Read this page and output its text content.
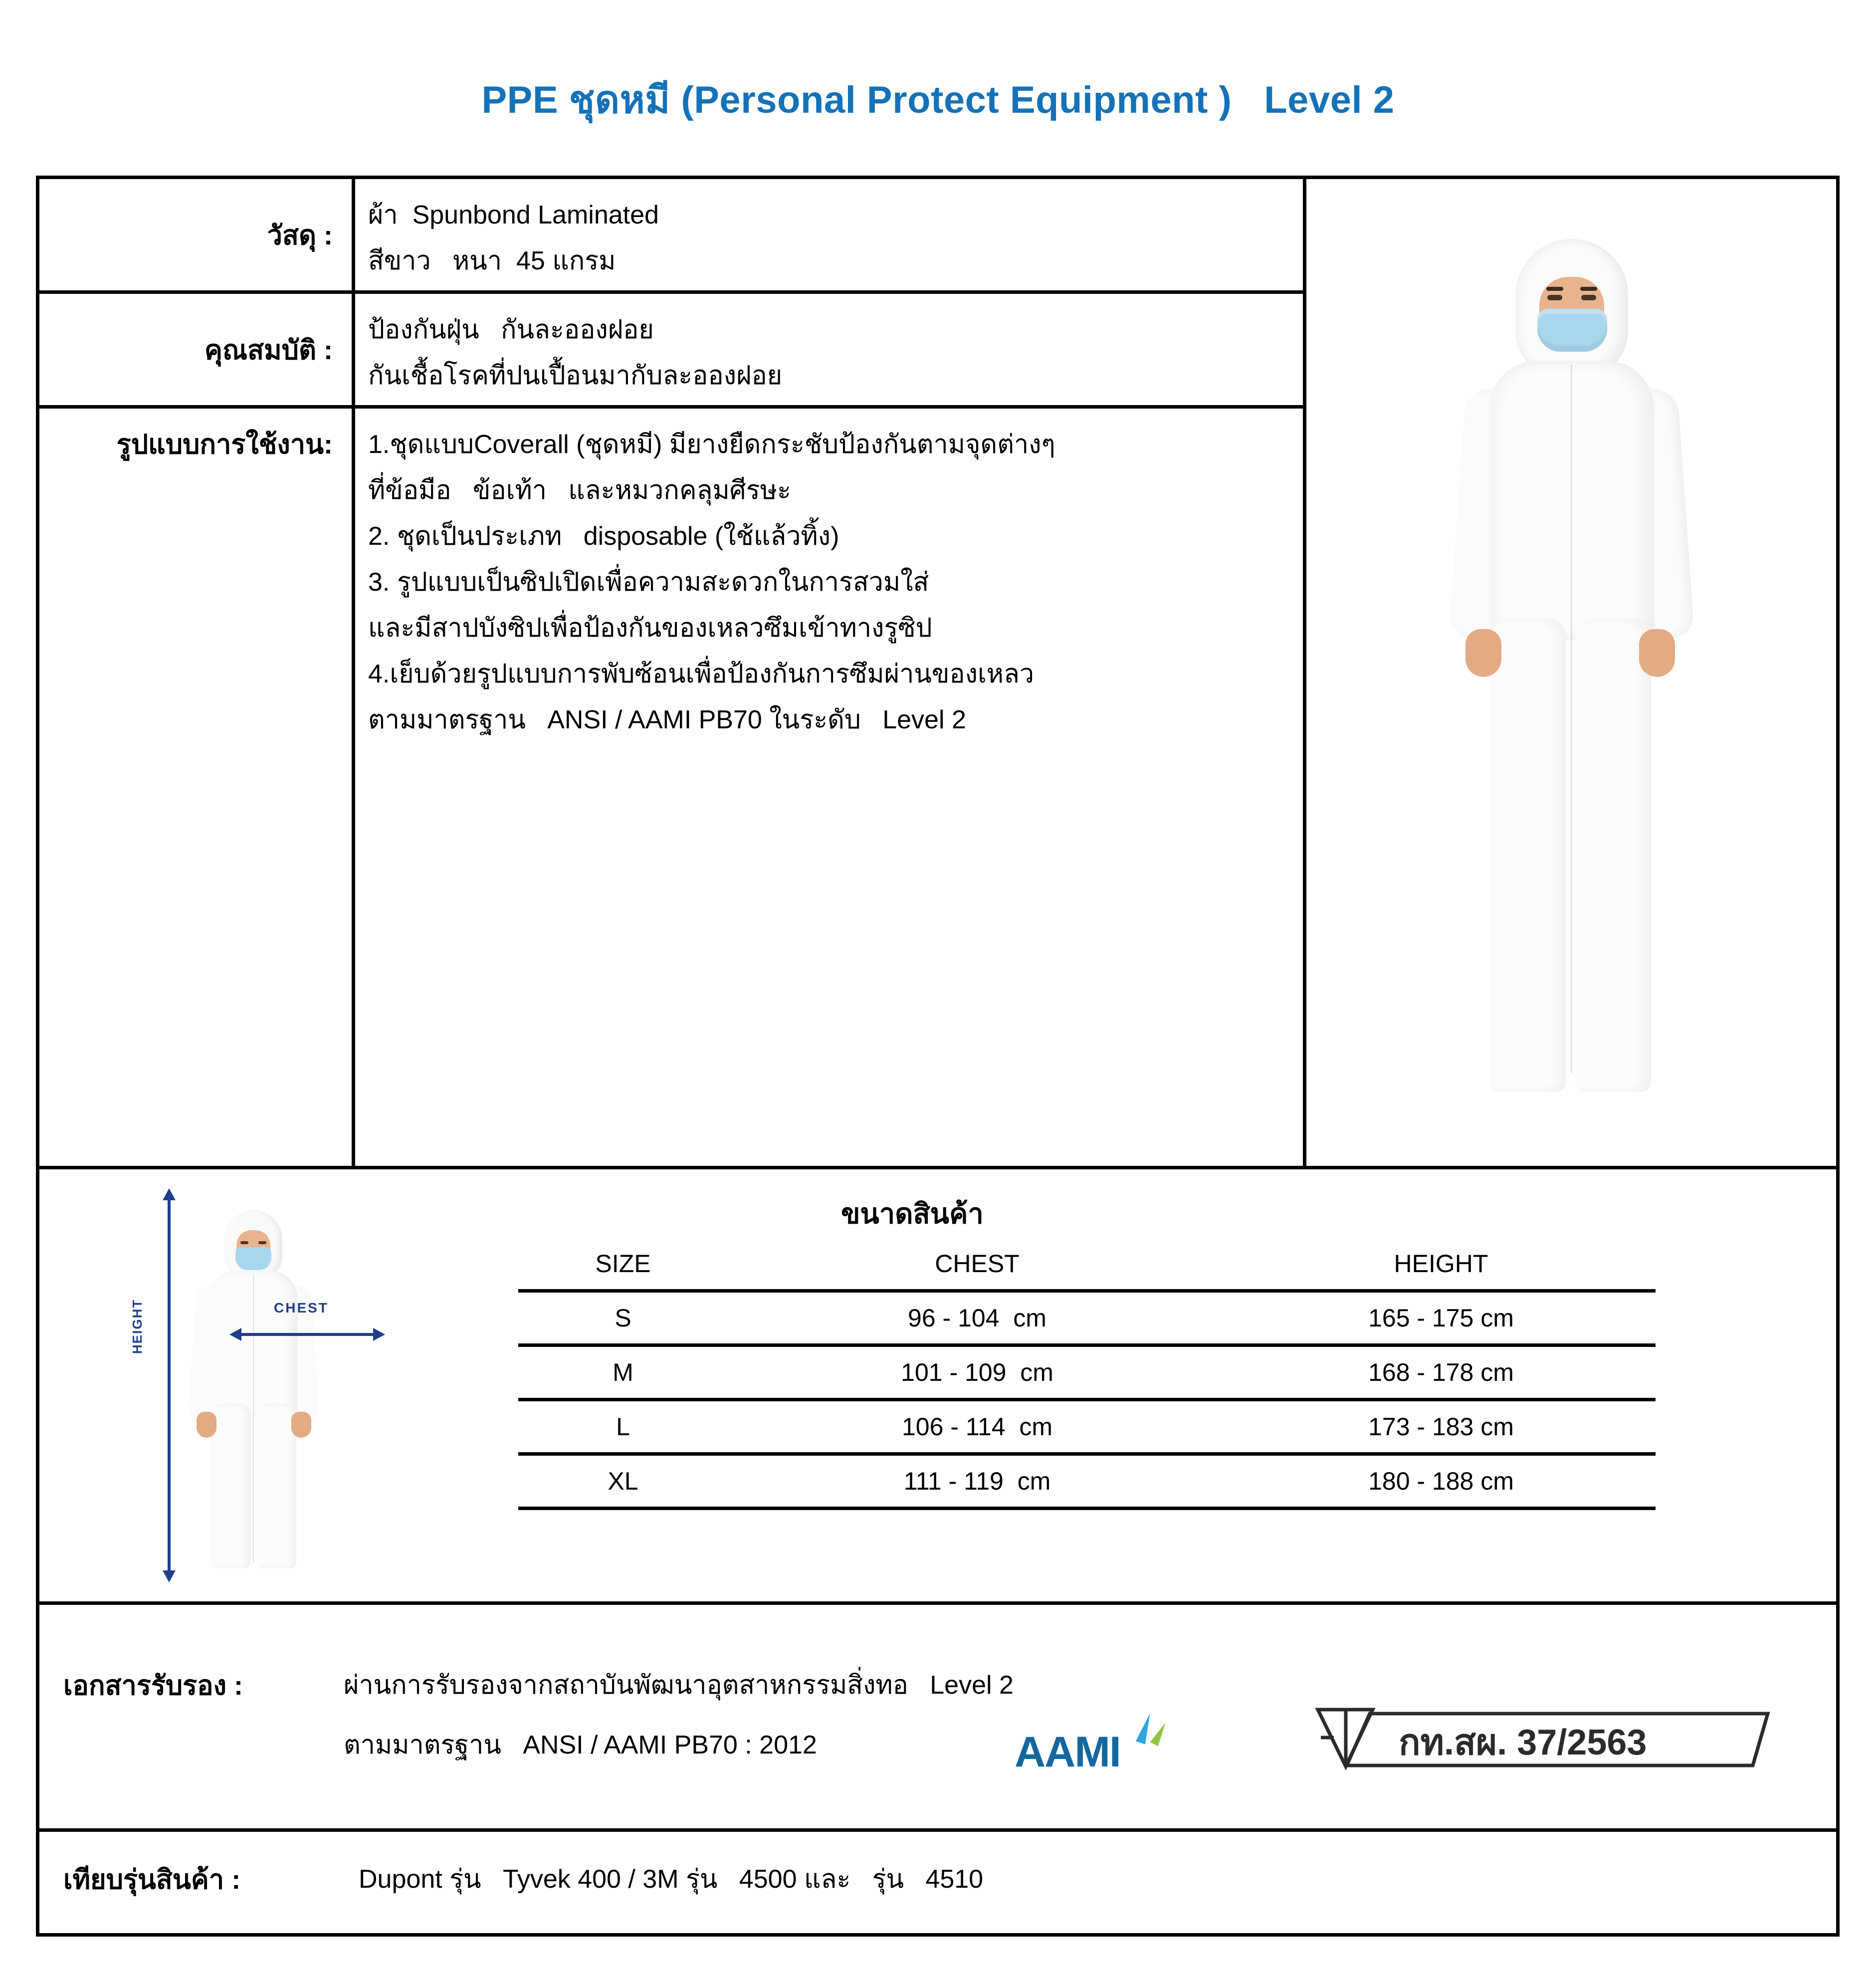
PPE ชุดหมี (Personal Protect Equipment )   Level 2
วัสดุ :
ผ้า  Spunbond Laminated
สีขาว   หนา  45 แกรม
คุณสมบัติ :
ป้องกันฝุ่น   กันละอองฝอย
กันเชื้อโรคที่ปนเปื้อนมากับละอองฝอย
รูปแบบการใช้งาน:	1.ชุดแบบCoverall (ชุดหมี) มียางยืดกระชับป้องกันตามจุดต่างๆ
ที่ข้อมือ   ข้อเท้า   และหมวกคลุมศีรษะ
2. ชุดเป็นประเภท   disposable (ใช้แล้วทิ้ง)
3. รูปแบบเป็นซิปเปิดเพื่อความสะดวกในการสวมใส่
และมีสาปบังซิปเพื่อป้องกันของเหลวซึมเข้าทางรูซิป
4.เย็บด้วยรูปแบบการพับซ้อนเพื่อป้องกันการซึมผ่านของเหลว
ตามมาตรฐาน   ANSI / AAMI PB70 ในระดับ   Level 2
ขนาดสินค้า
HEIGHT	CHEST
SIZE	CHEST	HEIGHT
S	96 - 104  cm	165 - 175 cm
M	101 - 109  cm	168 - 178 cm
L	106 - 114  cm	173 - 183 cm
XL	111 - 119  cm	180 - 188 cm
เอกสารรับรอง :	ผ่านการรับรองจากสถาบันพัฒนาอุตสาหกรรมสิ่งทอ   Level 2
ตามมาตรฐาน   ANSI / AAMI PB70 : 2012	AAMI	กท.สผ. 37/2563
เทียบรุ่นสินค้า :	Dupont รุ่น   Tyvek 400 / 3M รุ่น   4500 และ   รุ่น   4510
